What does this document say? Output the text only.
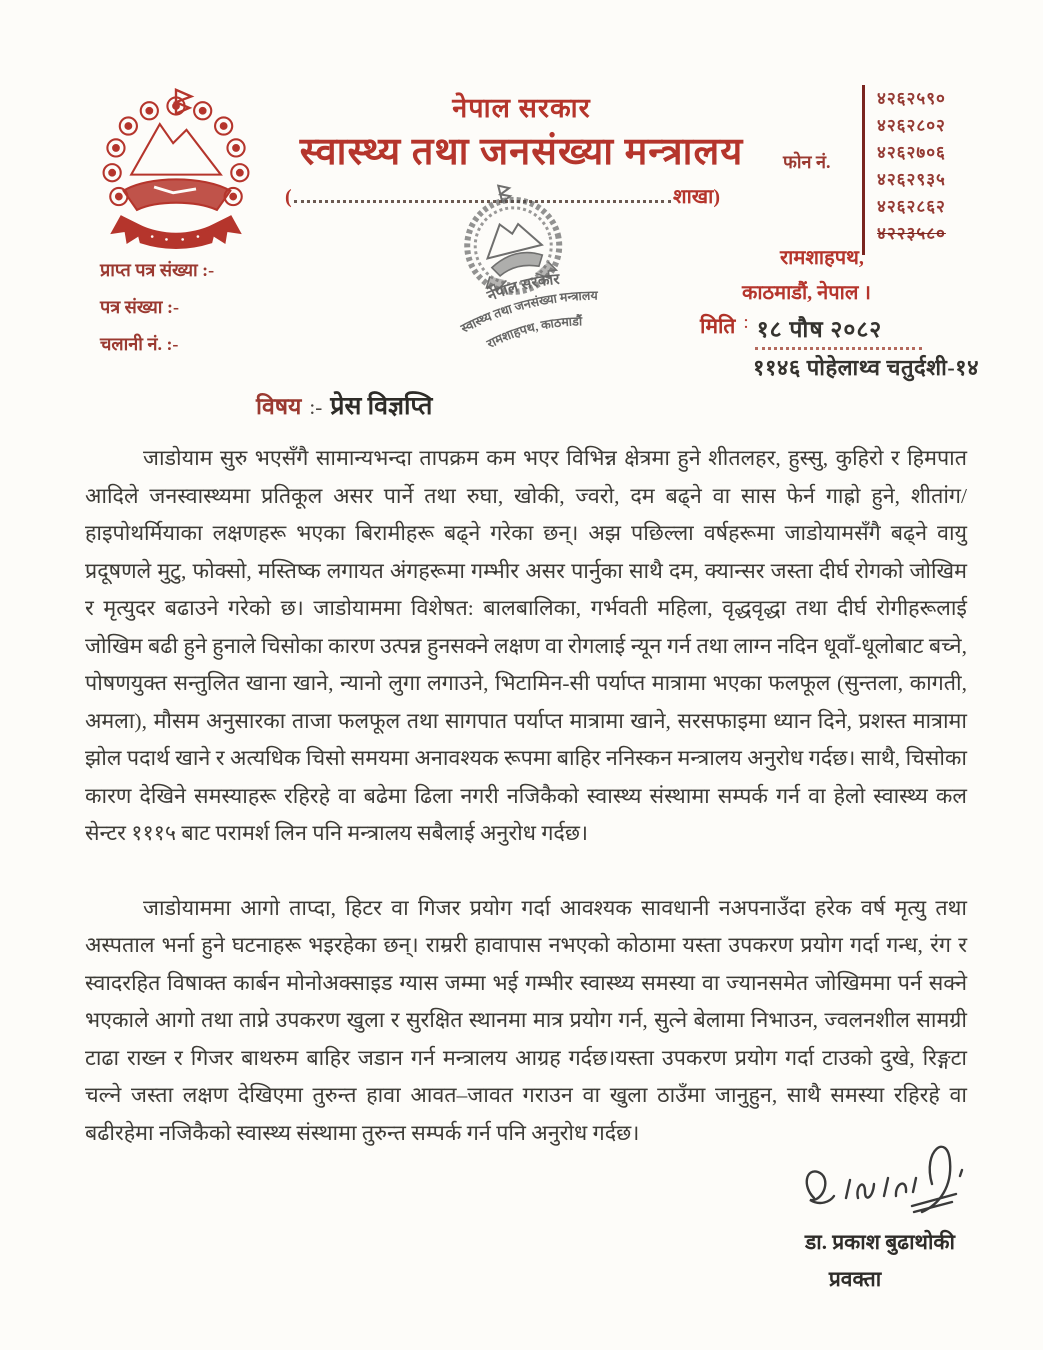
नेपाल सरकार
स्वास्थ्य तथा जनसंख्या मन्त्रालय
(	शाखा)
फोन नं.
४२६२५९०
४२६२८०२
४२६२७०६
४२६२९३५
४२६२८६२
४२२३५८०
नेपाल सरकार
स्वास्थ्य तथा जनसंख्या मन्त्रालय
रामशाहपथ, काठमाडौं
प्राप्त पत्र संख्या :-
पत्र संख्या :-
चलानी नं. :-
रामशाहपथ,
काठमाडौं, नेपाल ।
मिति : १८ पौष २०८२
११४६ पोहेलाथ्व चतुर्दशी-१४
विषय :- प्रेस विज्ञप्ति

जाडोयाम सुरु भएसँगै सामान्यभन्दा तापक्रम कम भएर विभिन्न क्षेत्रमा हुने शीतलहर, हुस्सु, कुहिरो र हिमपात आदिले जनस्वास्थ्यमा प्रतिकूल असर पार्ने तथा रुघा, खोकी, ज्वरो, दम बढ्ने वा सास फेर्न गाह्रो हुने, शीतांग/ हाइपोथर्मियाका लक्षणहरू भएका बिरामीहरू बढ्ने गरेका छन्। अझ पछिल्ला वर्षहरूमा जाडोयामसँगै बढ्ने वायु प्रदूषणले मुटु, फोक्सो, मस्तिष्क लगायत अंगहरूमा गम्भीर असर पार्नुका साथै दम, क्यान्सर जस्ता दीर्घ रोगको जोखिम र मृत्युदर बढाउने गरेको छ। जाडोयाममा विशेषत: बालबालिका, गर्भवती महिला, वृद्धवृद्धा तथा दीर्घ रोगीहरूलाई जोखिम बढी हुने हुनाले चिसोका कारण उत्पन्न हुनसक्ने लक्षण वा रोगलाई न्यून गर्न तथा लाग्न नदिन धूवाँ-धूलोबाट बच्ने, पोषणयुक्त सन्तुलित खाना खाने, न्यानो लुगा लगाउने, भिटामिन-सी पर्याप्त मात्रामा भएका फलफूल (सुन्तला, कागती, अमला), मौसम अनुसारका ताजा फलफूल तथा सागपात पर्याप्त मात्रामा खाने, सरसफाइमा ध्यान दिने, प्रशस्त मात्रामा झोल पदार्थ खाने र अत्यधिक चिसो समयमा अनावश्यक रूपमा बाहिर ननिस्कन मन्त्रालय अनुरोध गर्दछ। साथै, चिसोका कारण देखिने समस्याहरू रहिरहे वा बढेमा ढिला नगरी नजिकैको स्वास्थ्य संस्थामा सम्पर्क गर्न वा हेलो स्वास्थ्य कल सेन्टर १११५ बाट परामर्श लिन पनि मन्त्रालय सबैलाई अनुरोध गर्दछ।

जाडोयाममा आगो ताप्दा, हिटर वा गिजर प्रयोग गर्दा आवश्यक सावधानी नअपनाउँदा हरेक वर्ष मृत्यु तथा अस्पताल भर्ना हुने घटनाहरू भइरहेका छन्। राम्ररी हावापास नभएको कोठामा यस्ता उपकरण प्रयोग गर्दा गन्ध, रंग र स्वादरहित विषाक्त कार्बन मोनोअक्साइड ग्यास जम्मा भई गम्भीर स्वास्थ्य समस्या वा ज्यानसमेत जोखिममा पर्न सक्ने भएकाले आगो तथा ताप्ने उपकरण खुला र सुरक्षित स्थानमा मात्र प्रयोग गर्न, सुत्ने बेलामा निभाउन, ज्वलनशील सामग्री टाढा राख्न र गिजर बाथरुम बाहिर जडान गर्न मन्त्रालय आग्रह गर्दछ।यस्ता उपकरण प्रयोग गर्दा टाउको दुखे, रिङ्गटा चल्ने जस्ता लक्षण देखिएमा तुरुन्त हावा आवत–जावत गराउन वा खुला ठाउँमा जानुहुन, साथै समस्या रहिरहे वा बढीरहेमा नजिकैको स्वास्थ्य संस्थामा तुरुन्त सम्पर्क गर्न पनि अनुरोध गर्दछ।

डा. प्रकाश बुढाथोकी
प्रवक्ता
